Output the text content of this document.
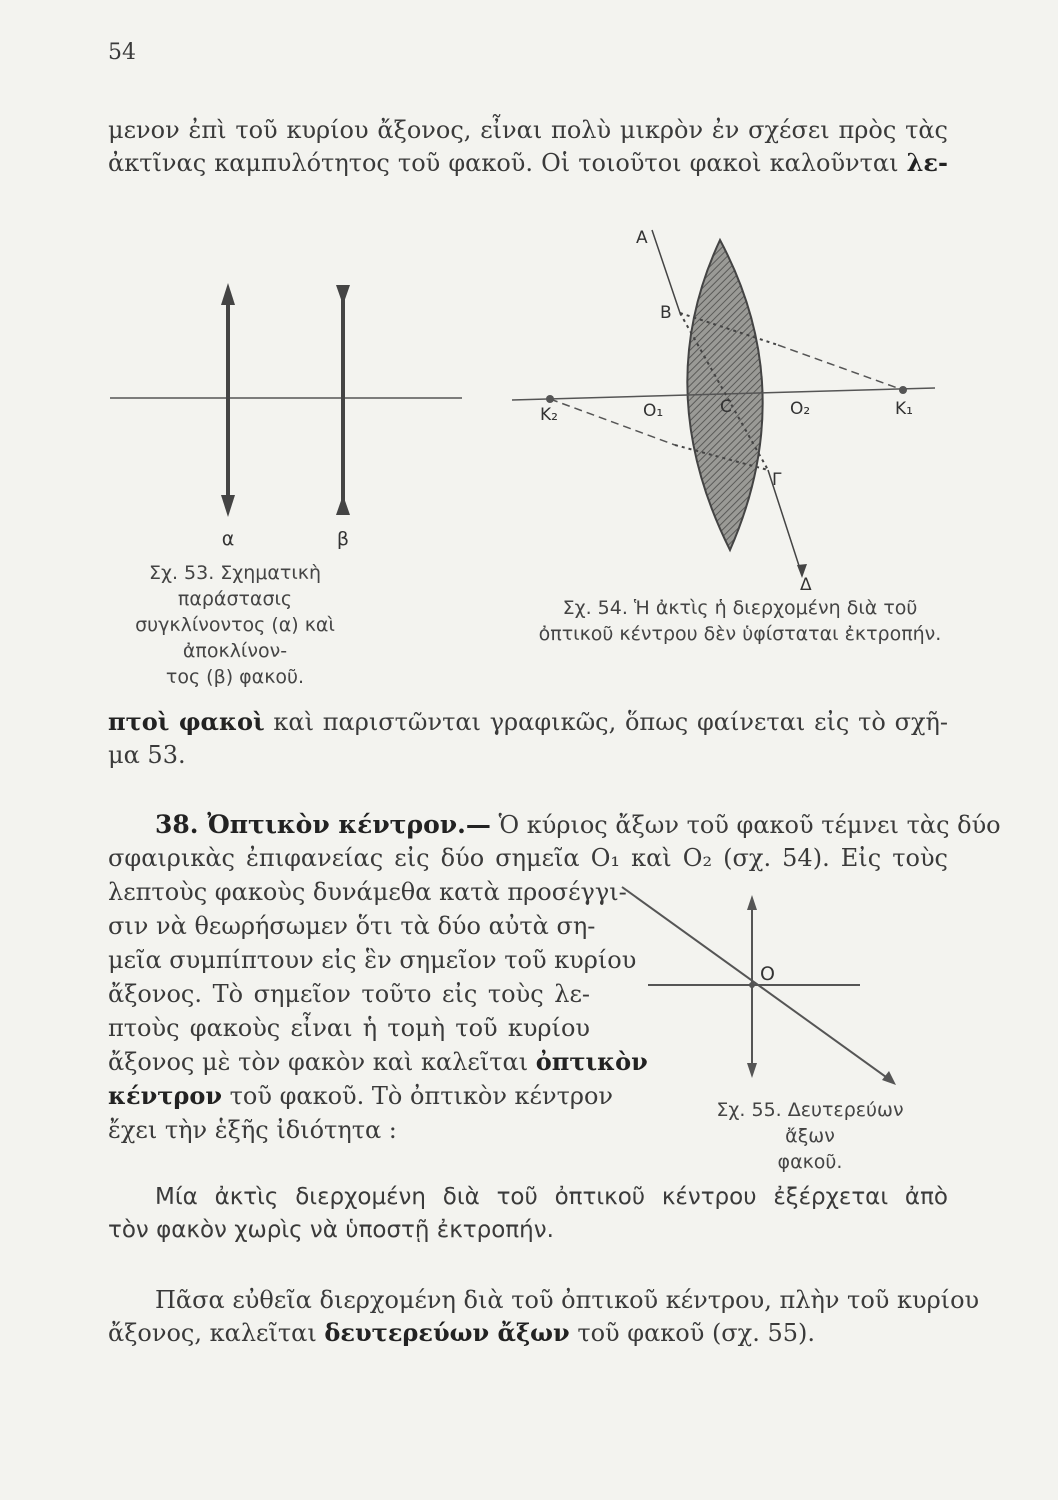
54
μενον ἐπὶ τοῦ κυρίου ἄξονος, εἶναι πολὺ μικρὸν ἐν σχέσει πρὸς τὰς
ἀκτῖνας καμπυλότητος τοῦ φακοῦ. Οἱ τοιοῦτοι φακοὶ καλοῦνται λε-
α	β
A
B
C
O₁	O₂	K₁
K₂
Γ
Δ
O
Σχ. 53. Σχηματικὴ παράστασις
συγκλίνοντος (α) καὶ ἀποκλίνον-
τος (β) φακοῦ.
Σχ. 54. Ἡ ἀκτὶς ἡ διερχομένη διὰ τοῦ
ὀπτικοῦ κέντρου δὲν ὑφίσταται ἐκτροπήν.
πτοὶ φακοὶ καὶ παριστῶνται γραφικῶς, ὅπως φαίνεται εἰς τὸ σχῆ-
μα 53.
38. Ὀπτικὸν κέντρον.— Ὁ κύριος ἄξων τοῦ φακοῦ τέμνει τὰς δύο
σφαιρικὰς ἐπιφανείας εἰς δύο σημεῖα O₁ καὶ O₂ (σχ. 54). Εἰς τοὺς
λεπτοὺς φακοὺς δυνάμεθα κατὰ προσέγγι-
σιν νὰ θεωρήσωμεν ὅτι τὰ δύο αὐτὰ ση-
μεῖα συμπίπτουν εἰς ἓν σημεῖον τοῦ κυρίου
ἄξονος. Τὸ σημεῖον τοῦτο εἰς τοὺς λε-
πτοὺς φακοὺς εἶναι ἡ τομὴ τοῦ κυρίου
ἄξονος μὲ τὸν φακὸν καὶ καλεῖται ὀπτικὸν
κέντρον τοῦ φακοῦ. Τὸ ὀπτικὸν κέντρον
ἔχει τὴν ἑξῆς ἰδιότητα :
Σχ. 55. Δευτερεύων ἄξων
φακοῦ.
Μία ἀκτὶς διερχομένη διὰ τοῦ ὀπτικοῦ κέντρου ἐξέρχεται ἀπὸ
τὸν φακὸν χωρὶς νὰ ὑποστῇ ἐκτροπήν.
Πᾶσα εὐθεῖα διερχομένη διὰ τοῦ ὀπτικοῦ κέντρου, πλὴν τοῦ κυρίου
ἄξονος, καλεῖται δευτερεύων ἄξων τοῦ φακοῦ (σχ. 55).
